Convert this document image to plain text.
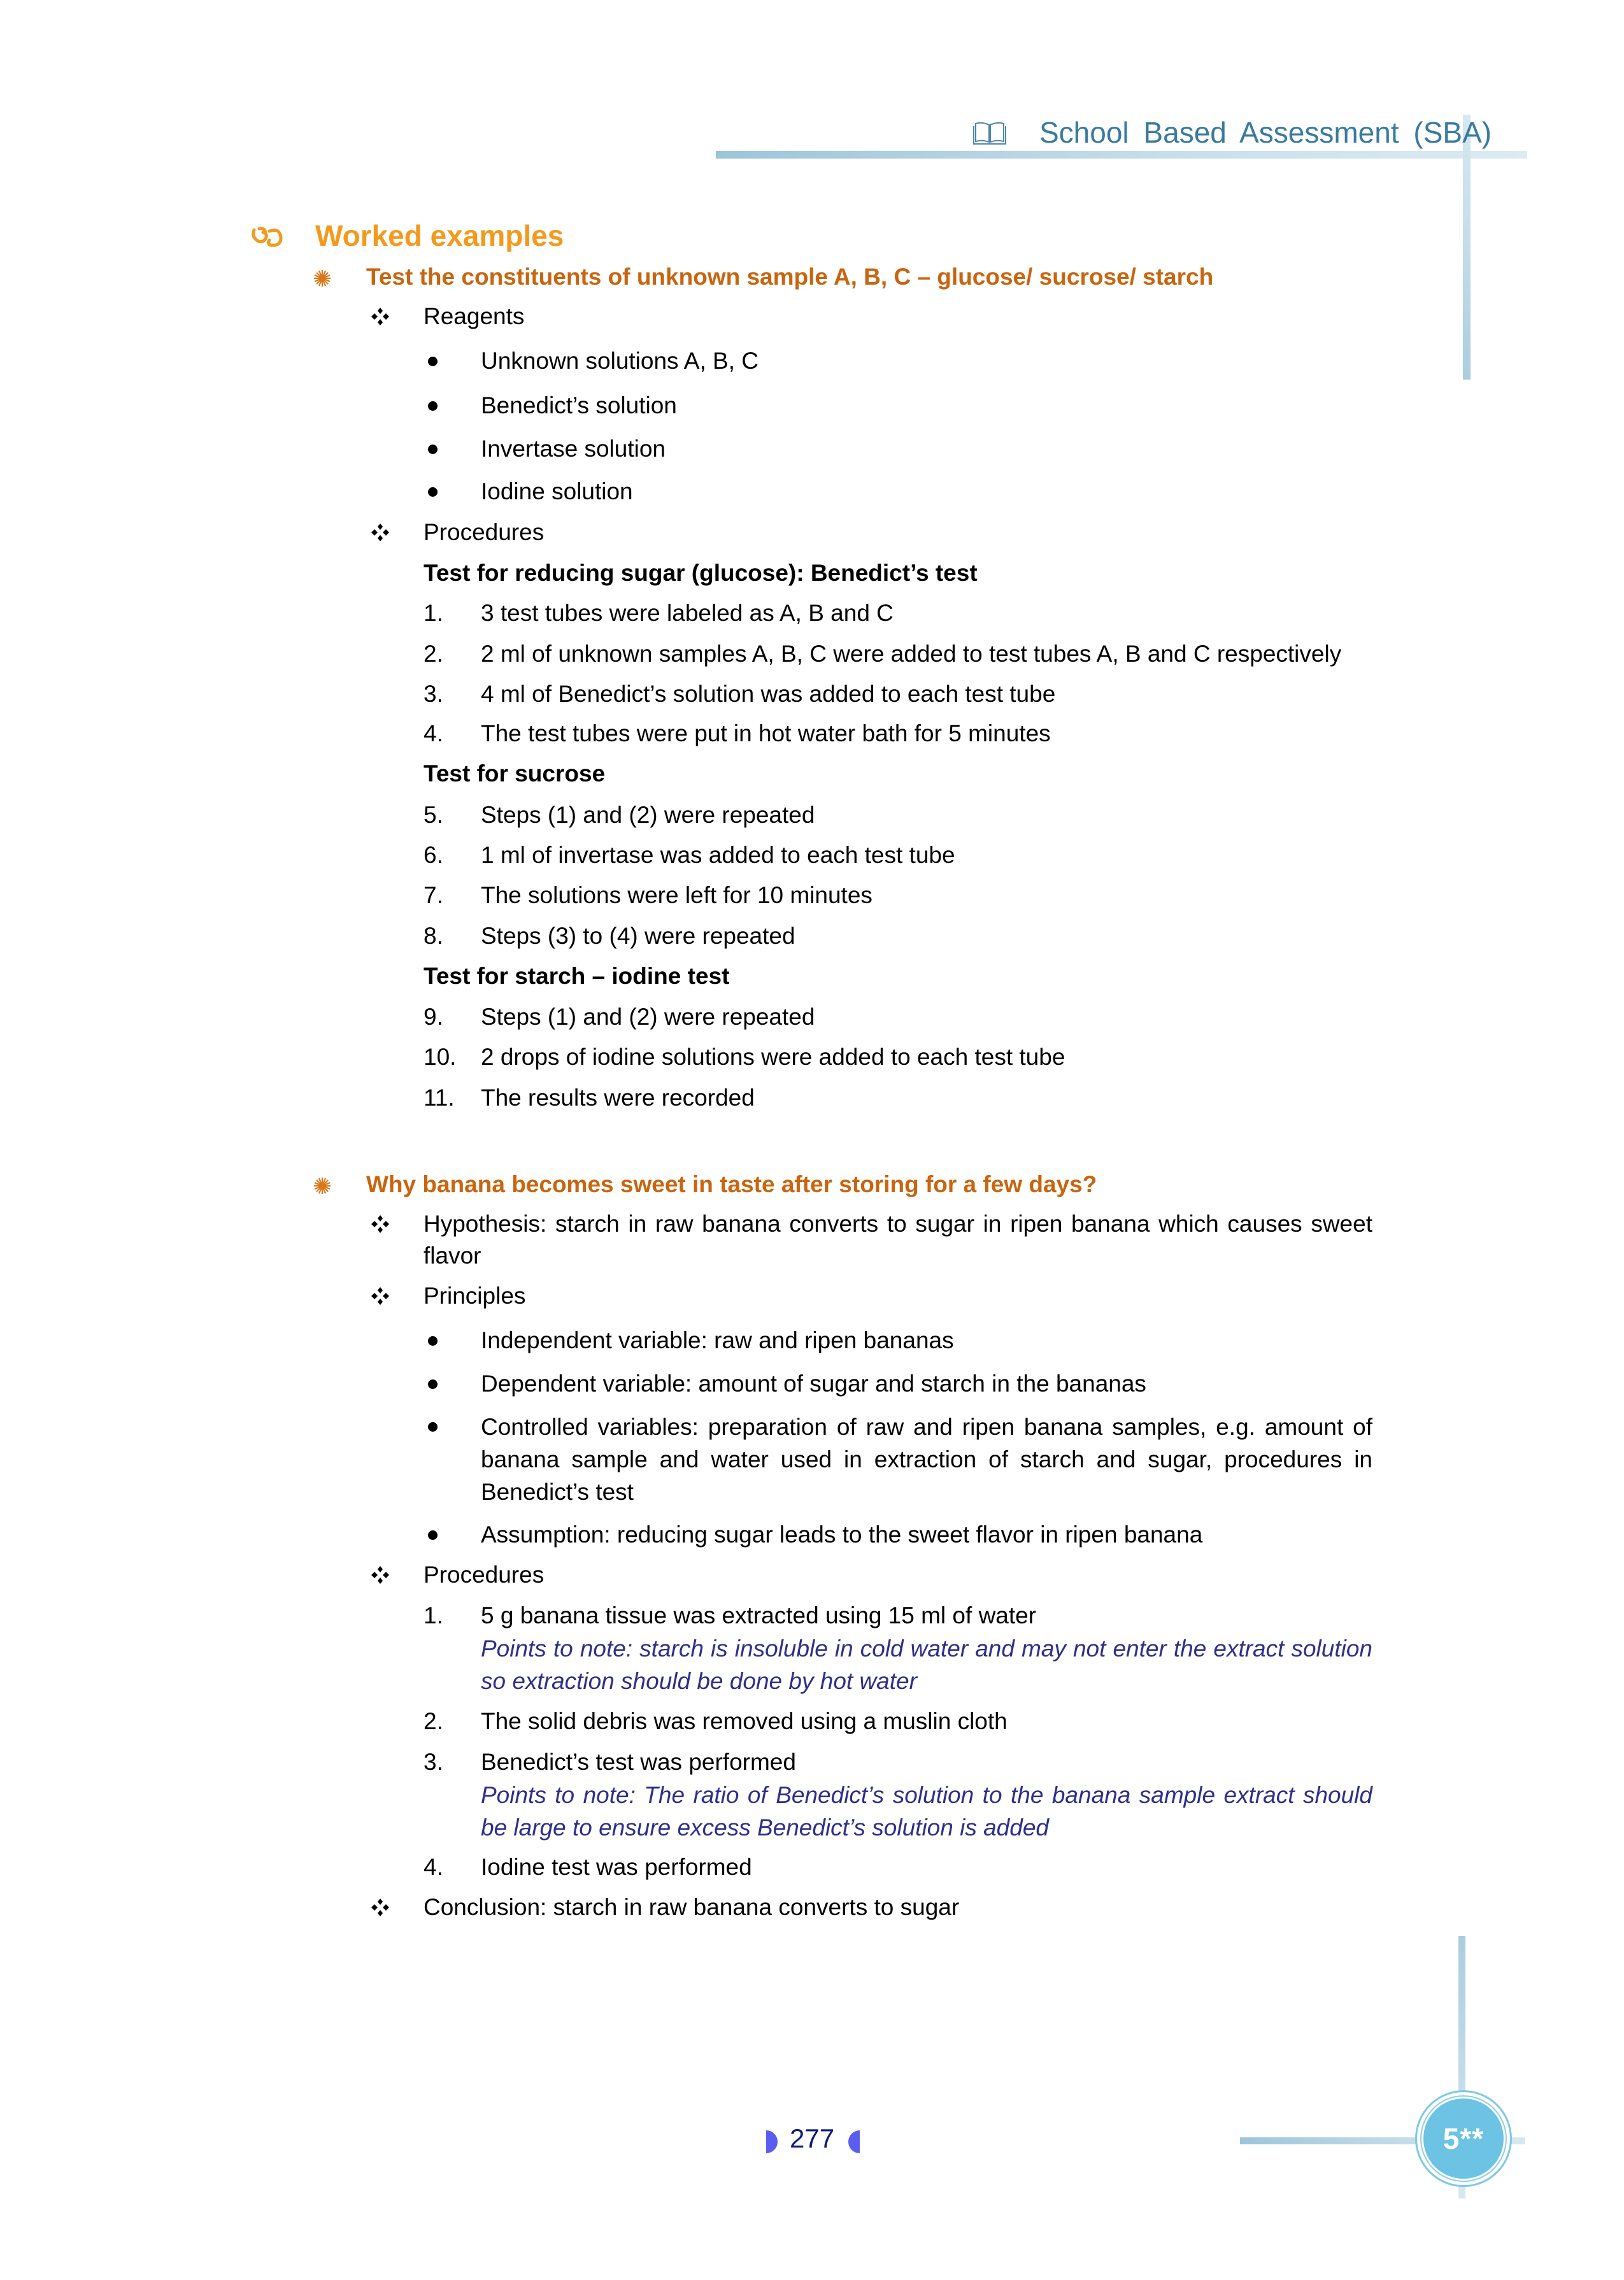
School Based Assessment (SBA)
Worked examples
Test the constituents of unknown sample A, B, C – glucose/ sucrose/ starch
Reagents
Unknown solutions A, B, C
Benedict’s solution
Invertase solution
Iodine solution
Procedures
Test for reducing sugar (glucose): Benedict’s test
1. 3 test tubes were labeled as A, B and C
2. 2 ml of unknown samples A, B, C were added to test tubes A, B and C respectively
3. 4 ml of Benedict’s solution was added to each test tube
4. The test tubes were put in hot water bath for 5 minutes
Test for sucrose
5. Steps (1) and (2) were repeated
6. 1 ml of invertase was added to each test tube
7. The solutions were left for 10 minutes
8. Steps (3) to (4) were repeated
Test for starch – iodine test
9. Steps (1) and (2) were repeated
10. 2 drops of iodine solutions were added to each test tube
11. The results were recorded
Why banana becomes sweet in taste after storing for a few days?
Hypothesis: starch in raw banana converts to sugar in ripen banana which causes sweet flavor
Principles
Independent variable: raw and ripen bananas
Dependent variable: amount of sugar and starch in the bananas
Controlled variables: preparation of raw and ripen banana samples, e.g. amount of banana sample and water used in extraction of starch and sugar, procedures in Benedict’s test
Assumption: reducing sugar leads to the sweet flavor in ripen banana
Procedures
1. 5 g banana tissue was extracted using 15 ml of water
Points to note: starch is insoluble in cold water and may not enter the extract solution so extraction should be done by hot water
2. The solid debris was removed using a muslin cloth
3. Benedict’s test was performed
Points to note: The ratio of Benedict’s solution to the banana sample extract should be large to ensure excess Benedict’s solution is added
4. Iodine test was performed
Conclusion: starch in raw banana converts to sugar
277	5**
